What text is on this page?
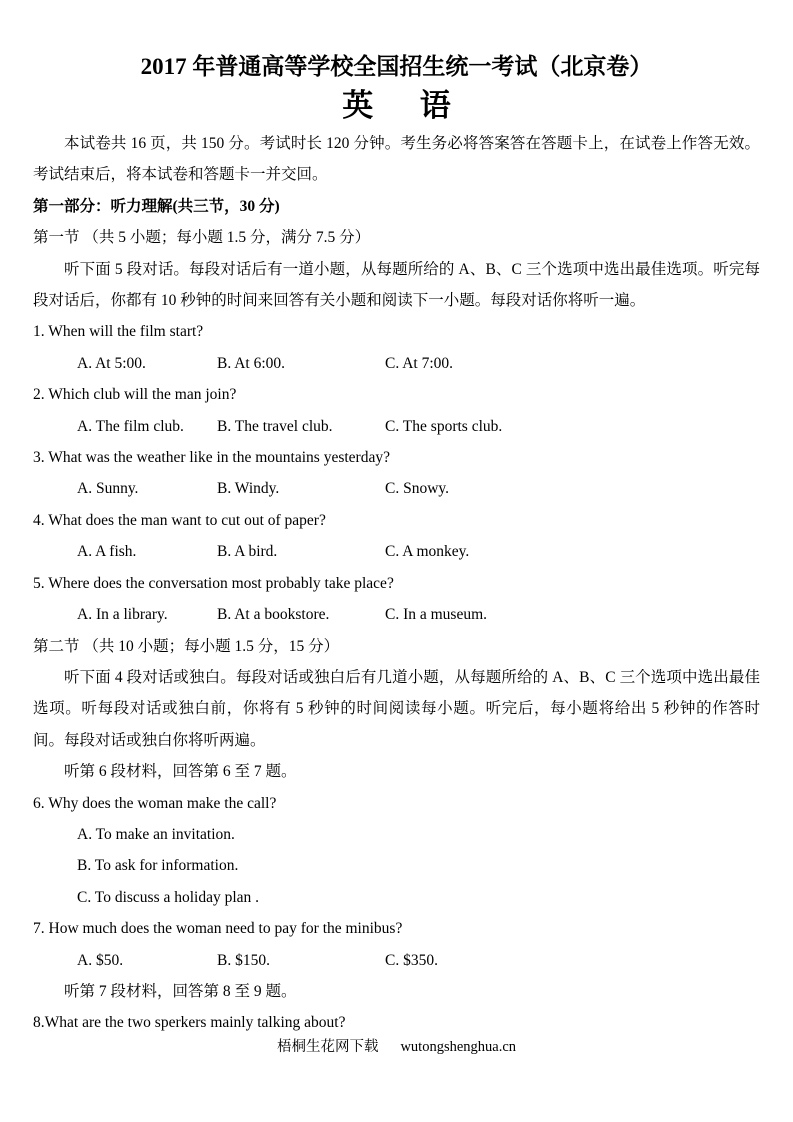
2017 年普通高等学校全国招生统一考试（北京卷）
英      语

本试卷共 16 页，共 150 分。考试时长 120 分钟。考生务必将答案答在答题卡上，在试卷上作答无效。考试结束后，将本试卷和答题卡一并交回。

第一部分：听力理解(共三节，30 分)
第一节 （共 5 小题；每小题 1.5 分，满分 7.5 分）

听下面 5 段对话。每段对话后有一道小题，从每题所给的 A、B、C 三个选项中选出最佳选项。听完每段对话后，你都有 10 秒钟的时间来回答有关小题和阅读下一小题。每段对话你将听一遍。

1. When will the film start?
A. At 5:00.	B. At 6:00.	C. At 7:00.
2. Which club will the man join?
A. The film club.	B. The travel club.	C. The sports club.
3. What was the weather like in the mountains yesterday?
A. Sunny.	B. Windy.	C. Snowy.
4. What does the man want to cut out of paper?
A. A fish.	B. A bird.	C. A monkey.
5. Where does the conversation most probably take place?
A. In a library.	B. At a bookstore.	C. In a museum.
第二节 （共 10 小题；每小题 1.5 分，15 分）

听下面 4 段对话或独白。每段对话或独白后有几道小题，从每题所给的 A、B、C 三个选项中选出最佳选项。听每段对话或独白前，你将有 5 秒钟的时间阅读每小题。听完后，每小题将给出 5 秒钟的作答时间。每段对话或独白你将听两遍。

听第 6 段材料，回答第 6 至 7 题。
6. Why does the woman make the call?
A. To make an invitation.
B. To ask for information.
C. To discuss a holiday plan .
7. How much does the woman need to pay for the minibus?
A. $50.	B. $150.	C. $350.
听第 7 段材料，回答第 8 至 9 题。
8.What are the two sperkers mainly talking about?
梧桐生花网下载 wutongshenghua.cn
